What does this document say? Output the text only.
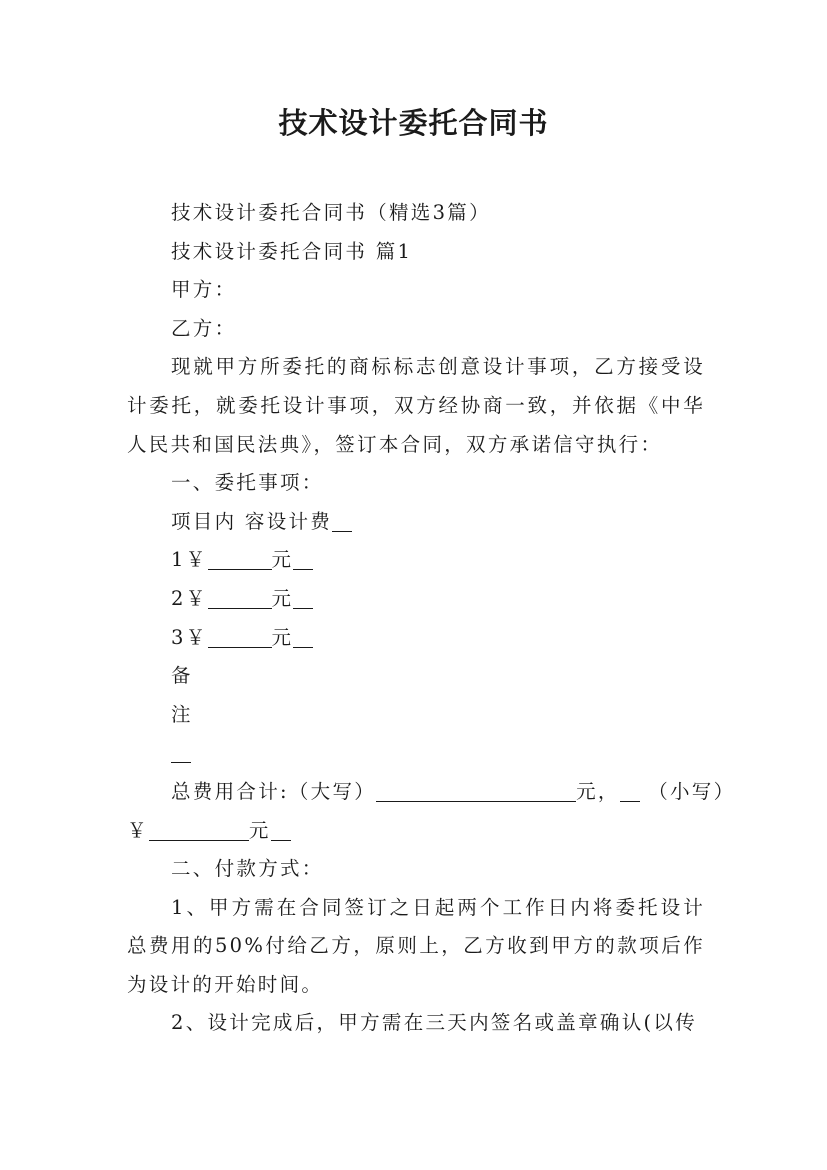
技术设计委托合同书
技术设计委托合同书（精选3篇）
技术设计委托合同书 篇1
甲方：
乙方：
现就甲方所委托的商标标志创意设计事项，乙方接受设计委托，就委托设计事项，双方经协商一致，并依据《中华人民共和国民法典》，签订本合同，双方承诺信守执行：
一、委托事项：
项目内 容设计费
1￥	元
2￥	元
3￥	元
备
注
总费用合计:（大写）	元， （小写）
￥	元
二、付款方式：
1、甲方需在合同签订之日起两个工作日内将委托设计总费用的50%付给乙方，原则上，乙方收到甲方的款项后作为设计的开始时间。
2、设计完成后，甲方需在三天内签名或盖章确认(以传
